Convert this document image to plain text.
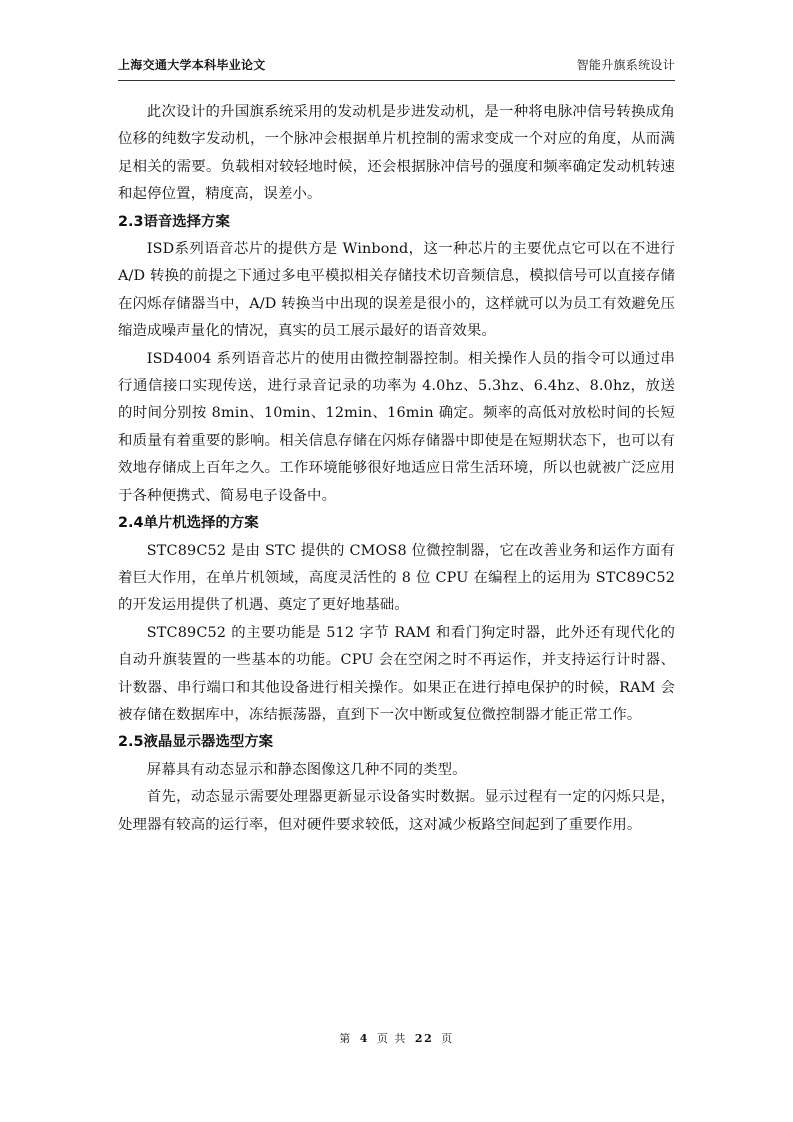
上海交通大学本科毕业论文	智能升旗系统设计

此次设计的升国旗系统采用的发动机是步进发动机，是一种将电脉冲信号转换成角位移的纯数字发动机，一个脉冲会根据单片机控制的需求变成一个对应的角度，从而满足相关的需要。负载相对较轻地时候，还会根据脉冲信号的强度和频率确定发动机转速和起停位置，精度高，误差小。

2.3语音选择方案

ISD系列语音芯片的提供方是 Winbond，这一种芯片的主要优点它可以在不进行 A/D 转换的前提之下通过多电平模拟相关存储技术切音频信息，模拟信号可以直接存储在闪烁存储器当中，A/D 转换当中出现的误差是很小的，这样就可以为员工有效避免压缩造成噪声量化的情况，真实的员工展示最好的语音效果。

ISD4004 系列语音芯片的使用由微控制器控制。相关操作人员的指令可以通过串行通信接口实现传送，进行录音记录的功率为 4.0hz、5.3hz、6.4hz、8.0hz，放送的时间分别按 8min、10min、12min、16min 确定。频率的高低对放松时间的长短和质量有着重要的影响。相关信息存储在闪烁存储器中即使是在短期状态下，也可以有效地存储成上百年之久。工作环境能够很好地适应日常生活环境，所以也就被广泛应用于各种便携式、简易电子设备中。

2.4单片机选择的方案

STC89C52 是由 STC 提供的 CMOS8 位微控制器，它在改善业务和运作方面有着巨大作用，在单片机领域，高度灵活性的 8 位 CPU 在编程上的运用为 STC89C52的开发运用提供了机遇、奠定了更好地基础。

STC89C52 的主要功能是 512 字节 RAM 和看门狗定时器，此外还有现代化的自动升旗装置的一些基本的功能。CPU 会在空闲之时不再运作，并支持运行计时器、计数器、串行端口和其他设备进行相关操作。如果正在进行掉电保护的时候，RAM 会被存储在数据库中，冻结振荡器，直到下一次中断或复位微控制器才能正常工作。

2.5液晶显示器选型方案

屏幕具有动态显示和静态图像这几种不同的类型。

首先，动态显示需要处理器更新显示设备实时数据。显示过程有一定的闪烁只是，处理器有较高的运行率，但对硬件要求较低，这对减少板路空间起到了重要作用。

第 4 页 共 22 页
